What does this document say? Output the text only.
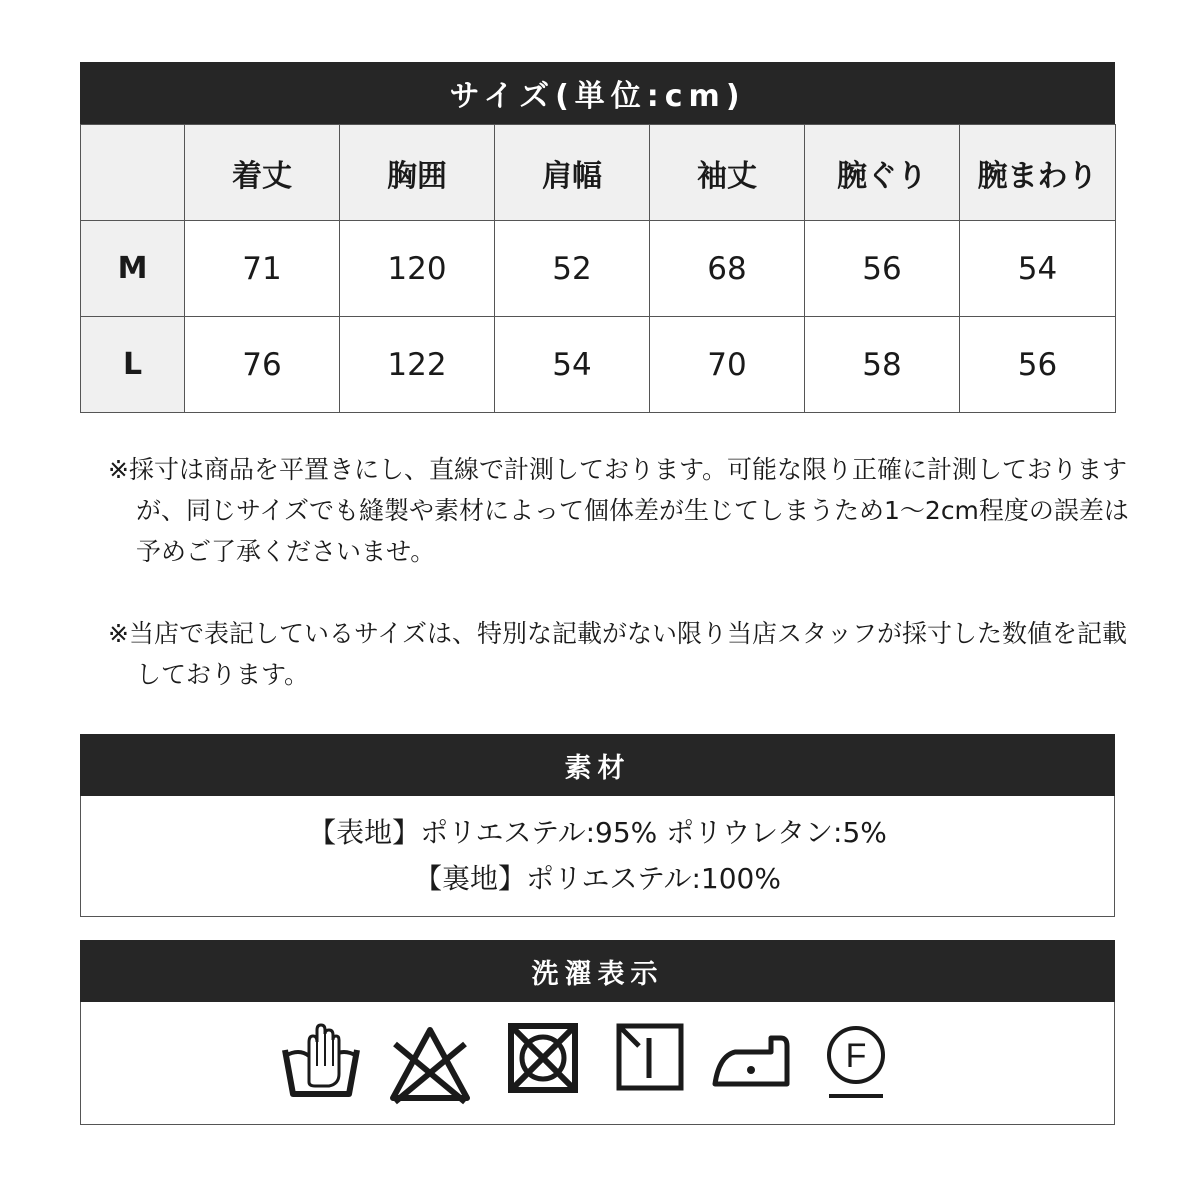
サイズ(単位:cm)
	着丈	胸囲	肩幅	袖丈	腕ぐり	腕まわり
M	71	120	52	68	56	54
L	76	122	54	70	58	56
※採寸は商品を平置きにし、直線で計測しております。可能な限り正確に計測しておりますが、同じサイズでも縫製や素材によって個体差が生じてしまうため1〜2cm程度の誤差は予めご了承くださいませ。
※当店で表記しているサイズは、特別な記載がない限り当店スタッフが採寸した数値を記載しております。
素材
【表地】ポリエステル:95% ポリウレタン:5%
【裏地】ポリエステル:100%
洗濯表示
F
